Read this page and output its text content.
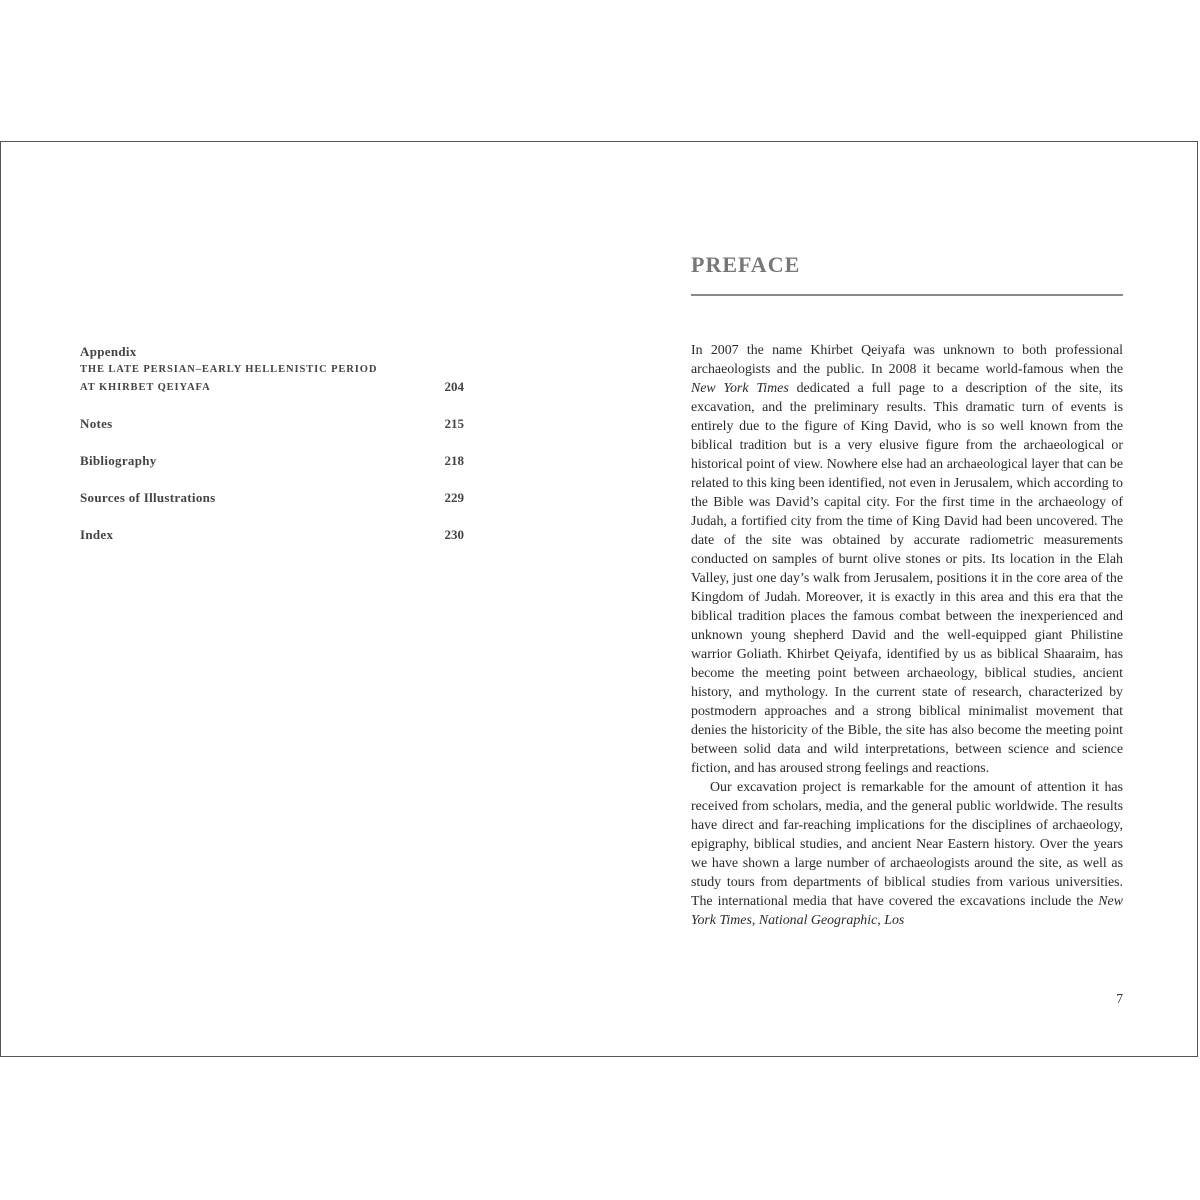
Appendix
THE LATE PERSIAN–EARLY HELLENISTIC PERIOD
AT KHIRBET QEIYAFA	204
Notes	215
Bibliography	218
Sources of Illustrations	229
Index	230
PREFACE

In 2007 the name Khirbet Qeiyafa was unknown to both professional archaeologists and the public. In 2008 it became world-famous when the New York Times dedicated a full page to a description of the site, its excavation, and the preliminary results. This dramatic turn of events is entirely due to the figure of King David, who is so well known from the biblical tradition but is a very elusive figure from the archaeological or historical point of view. Nowhere else had an archaeological layer that can be related to this king been identified, not even in Jerusalem, which according to the Bible was David’s capital city. For the first time in the archaeology of Judah, a fortified city from the time of King David had been uncovered. The date of the site was obtained by accurate radiometric measurements conducted on samples of burnt olive stones or pits. Its location in the Elah Valley, just one day’s walk from Jerusalem, positions it in the core area of the Kingdom of Judah. Moreover, it is exactly in this area and this era that the biblical tradition places the famous combat between the inexperienced and unknown young shepherd David and the well-equipped giant Philistine warrior Goliath. Khirbet Qeiyafa, identified by us as biblical Shaaraim, has become the meeting point between archaeology, biblical studies, ancient history, and mythology. In the current state of research, characterized by postmodern approaches and a strong biblical minimalist movement that denies the historicity of the Bible, the site has also become the meeting point between solid data and wild interpretations, between science and science fiction, and has aroused strong feelings and reactions.

Our excavation project is remarkable for the amount of attention it has received from scholars, media, and the general public worldwide. The results have direct and far-reaching implications for the disciplines of archaeology, epigraphy, biblical studies, and ancient Near Eastern history. Over the years we have shown a large number of archaeologists around the site, as well as study tours from departments of biblical studies from various universities. The international media that have covered the excavations include the New York Times, National Geographic, Los

7
